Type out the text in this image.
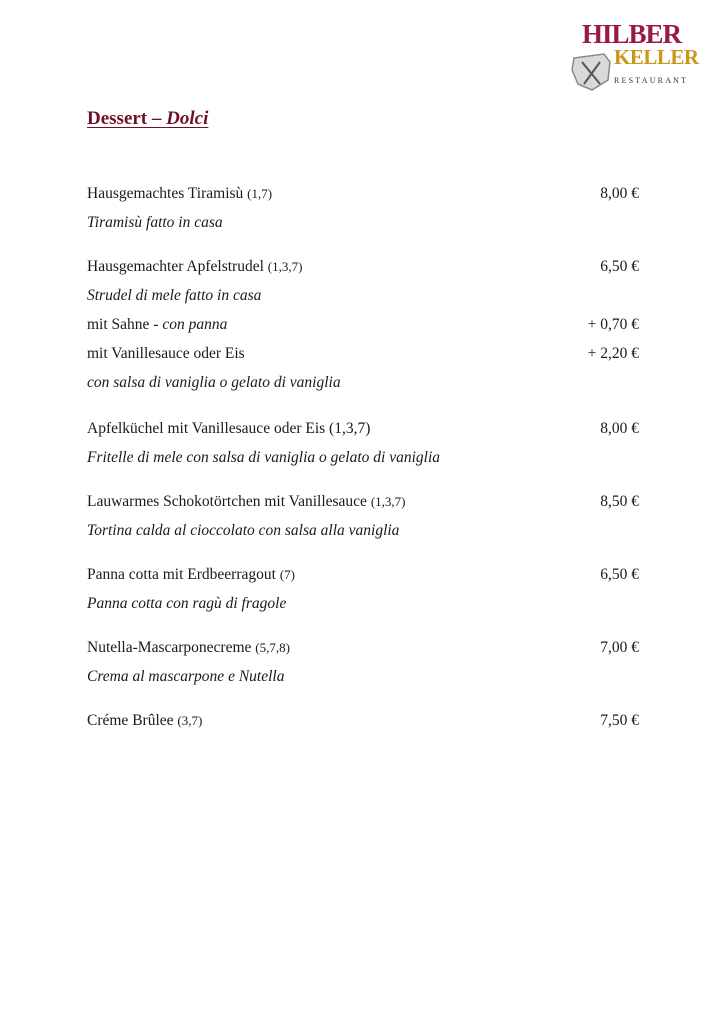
HILBER
KELLER
RESTAURANT
Dessert – Dolci
Hausgemachtes Tiramisù (1,7)	8,00 €
Tiramisù fatto in casa
Hausgemachter Apfelstrudel (1,3,7)	6,50 €
Strudel di mele fatto in casa
mit Sahne - con panna	+ 0,70 €
mit Vanillesauce oder Eis	+ 2,20 €
con salsa di vaniglia o gelato di vaniglia
Apfelküchel mit Vanillesauce oder Eis (1,3,7)	8,00 €
Fritelle di mele con salsa di vaniglia o gelato di vaniglia
Lauwarmes Schokotörtchen mit Vanillesauce (1,3,7)	8,50 €
Tortina calda al cioccolato con salsa alla vaniglia
Panna cotta mit Erdbeerragout (7)	6,50 €
Panna cotta con ragù di fragole
Nutella-Mascarponecreme (5,7,8)	7,00 €
Crema al mascarpone e Nutella
Créme Brûlee (3,7)	7,50 €
